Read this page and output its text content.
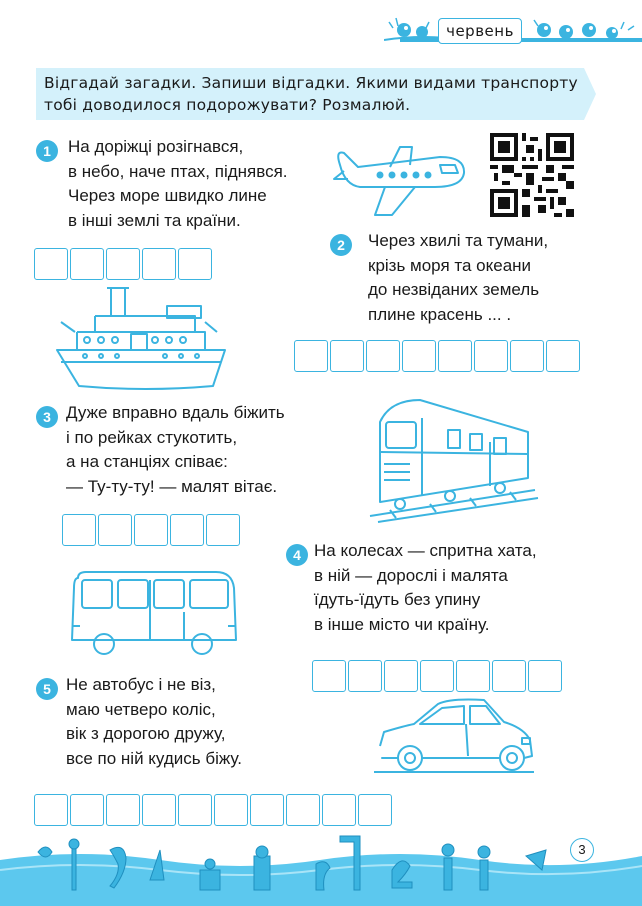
червень
Відгадай загадки. Запиши відгадки. Якими видами транспорту тобі доводилося подорожувати? Розмалюй.
1	На доріжці розігнався,
в небо, наче птах, піднявся.
Через море швидко лине
в інші землі та країни.
2	Через хвилі та тумани,
крізь моря та океани
до незвіданих земель
плине красень ... .
3 Дуже вправно вдаль біжить
і по рейках стукотить,
а на станціях співає:
— Ту-ту-ту! — малят вітає.
4 На колесах — спритна хата,
в ній — дорослі і малята
їдуть-їдуть без упину
в інше місто чи країну.
5 Не автобус і не віз,
маю четверо коліс,
вік з дорогою дружу,
все по ній кудись біжу.
3
